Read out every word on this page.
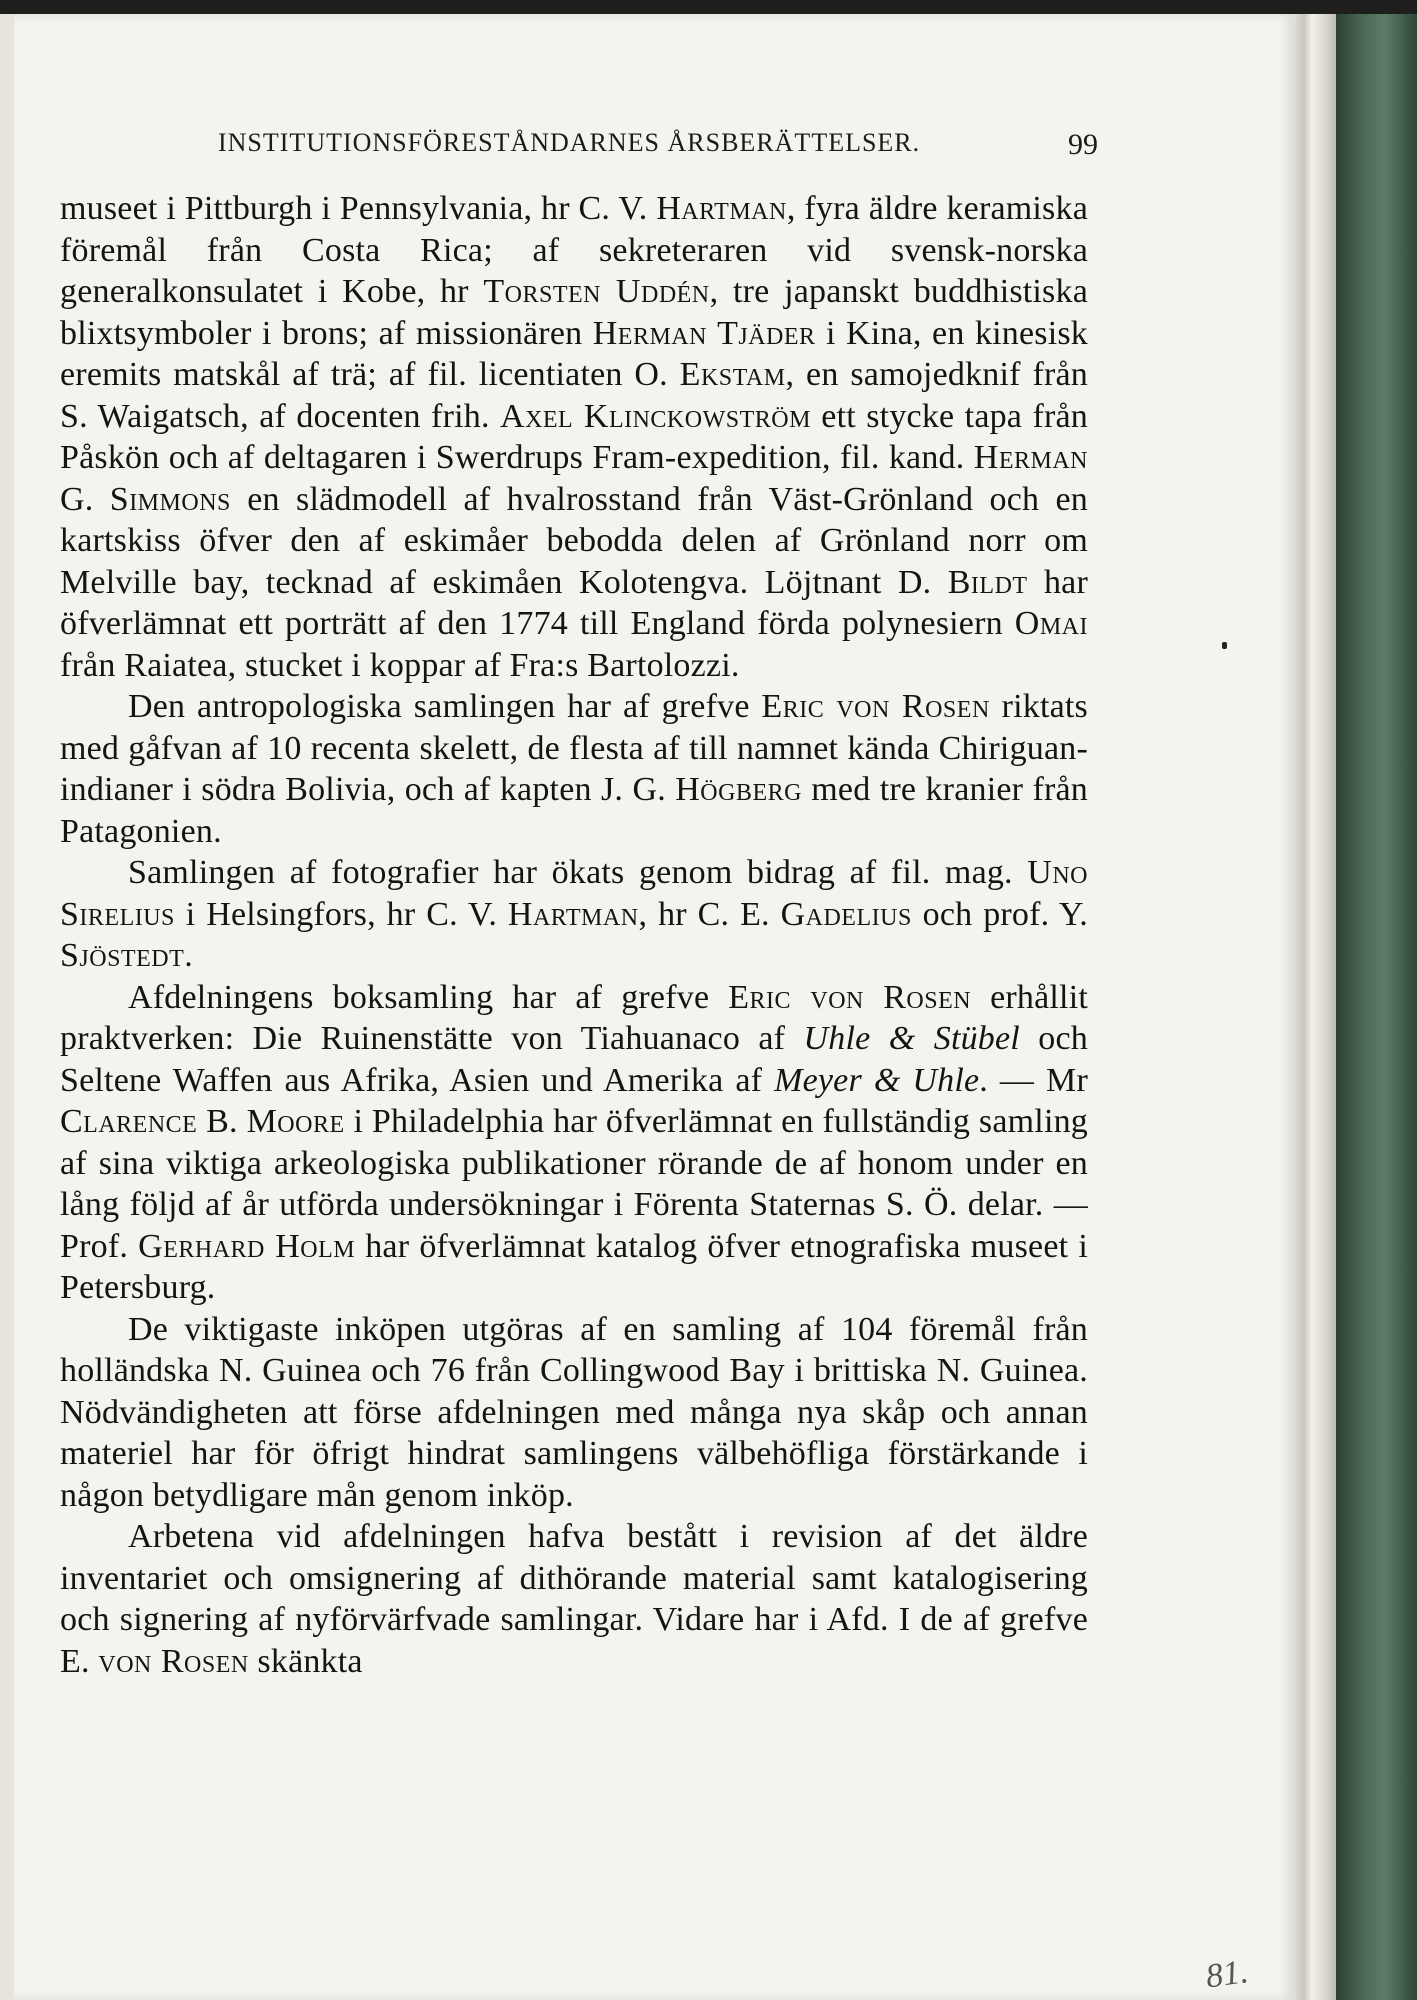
INSTITUTIONSFÖRESTÅNDARNES ÅRSBERÄTTELSER.	99

museet i Pittburgh i Pennsylvania, hr C. V. Hartman, fyra äldre keramiska föremål från Costa Rica; af sekreteraren vid svensk-norska generalkonsulatet i Kobe, hr Torsten Uddén, tre japanskt buddhistiska blixtsymboler i brons; af missionären Herman Tjäder i Kina, en kinesisk eremits matskål af trä; af fil. licentiaten O. Ekstam, en samojedknif från S. Waigatsch, af docenten frih. Axel Klinckowström ett stycke tapa från Påskön och af deltagaren i Swerdrups Fram-expedition, fil. kand. Herman G. Simmons en slädmodell af hvalrosstand från Väst-Grönland och en kartskiss öfver den af eskimåer bebodda delen af Grönland norr om Melville bay, tecknad af eskimåen Kolotengva. Löjtnant D. Bildt har öfverlämnat ett porträtt af den 1774 till England förda polynesiern Omai från Raiatea, stucket i koppar af Fra:s Bartolozzi.

Den antropologiska samlingen har af grefve Eric von Rosen riktats med gåfvan af 10 recenta skelett, de flesta af till namnet kända Chiriguan-indianer i södra Bolivia, och af kapten J. G. Högberg med tre kranier från Patagonien.

Samlingen af fotografier har ökats genom bidrag af fil. mag. Uno Sirelius i Helsingfors, hr C. V. Hartman, hr C. E. Gadelius och prof. Y. Sjöstedt.

Afdelningens boksamling har af grefve Eric von Rosen erhållit praktverken: Die Ruinenstätte von Tiahuanaco af Uhle & Stübel och Seltene Waffen aus Afrika, Asien und Amerika af Meyer & Uhle. — Mr Clarence B. Moore i Philadelphia har öfverlämnat en fullständig samling af sina viktiga arkeologiska publikationer rörande de af honom under en lång följd af år utförda undersökningar i Förenta Staternas S. Ö. delar. — Prof. Gerhard Holm har öfverlämnat katalog öfver etnografiska museet i Petersburg.

De viktigaste inköpen utgöras af en samling af 104 föremål från holländska N. Guinea och 76 från Collingwood Bay i brittiska N. Guinea. Nödvändigheten att förse afdelningen med många nya skåp och annan materiel har för öfrigt hindrat samlingens välbehöfliga förstärkande i någon betydligare mån genom inköp.

Arbetena vid afdelningen hafva bestått i revision af det äldre inventariet och omsignering af dithörande material samt katalogisering och signering af nyförvärfvade samlingar. Vidare har i Afd. I de af grefve E. von Rosen skänkta

81.
